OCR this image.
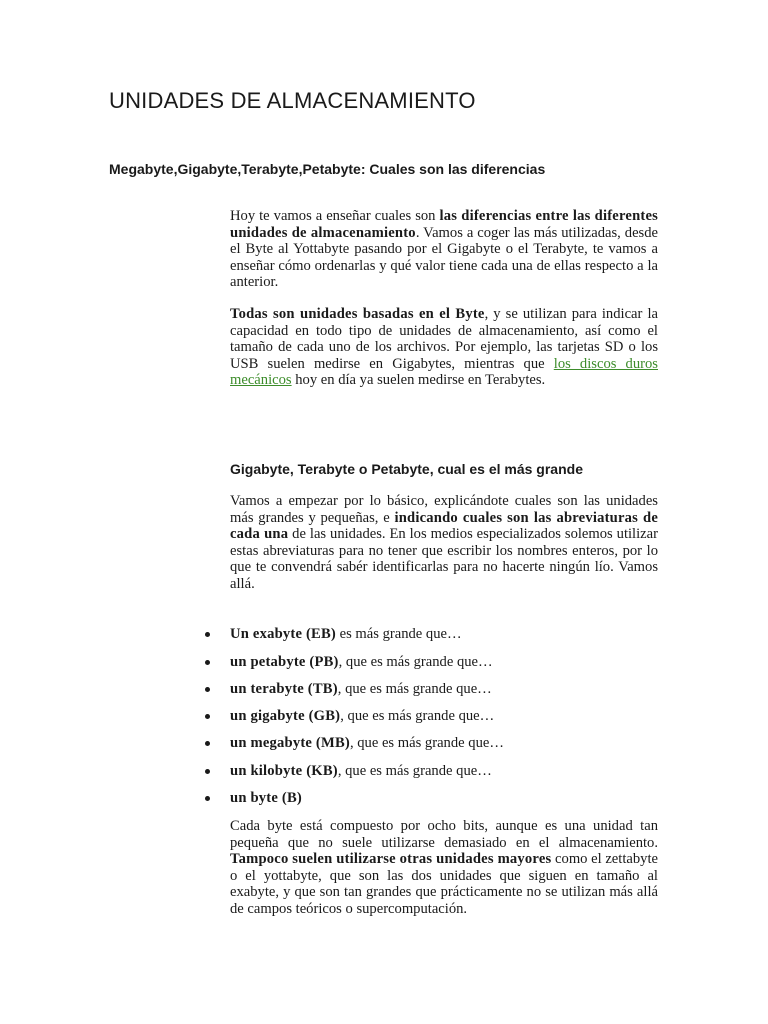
UNIDADES DE ALMACENAMIENTO
Megabyte,Gigabyte,Terabyte,Petabyte: Cuales son las diferencias

Hoy te vamos a enseñar cuales son las diferencias entre las diferentes unidades de almacenamiento. Vamos a coger las más utilizadas, desde el Byte al Yottabyte pasando por el Gigabyte o el Terabyte, te vamos a enseñar cómo ordenarlas y qué valor tiene cada una de ellas respecto a la anterior.

Todas son unidades basadas en el Byte, y se utilizan para indicar la capacidad en todo tipo de unidades de almacenamiento, así como el tamaño de cada uno de los archivos. Por ejemplo, las tarjetas SD o los USB suelen medirse en Gigabytes, mientras que los discos duros mecánicos hoy en día ya suelen medirse en Terabytes.

Gigabyte, Terabyte o Petabyte, cual es el más grande

Vamos a empezar por lo básico, explicándote cuales son las unidades más grandes y pequeñas, e indicando cuales son las abreviaturas de cada una de las unidades. En los medios especializados solemos utilizar estas abreviaturas para no tener que escribir los nombres enteros, por lo que te convendrá sabér identificarlas para no hacerte ningún lío. Vamos allá.

Un exabyte (EB) es más grande que…
un petabyte (PB), que es más grande que…
un terabyte (TB), que es más grande que…
un gigabyte (GB), que es más grande que…
un megabyte (MB), que es más grande que…
un kilobyte (KB), que es más grande que…
un byte (B)

Cada byte está compuesto por ocho bits, aunque es una unidad tan pequeña que no suele utilizarse demasiado en el almacenamiento. Tampoco suelen utilizarse otras unidades mayores como el zettabyte o el yottabyte, que son las dos unidades que siguen en tamaño al exabyte, y que son tan grandes que prácticamente no se utilizan más allá de campos teóricos o supercomputación.
